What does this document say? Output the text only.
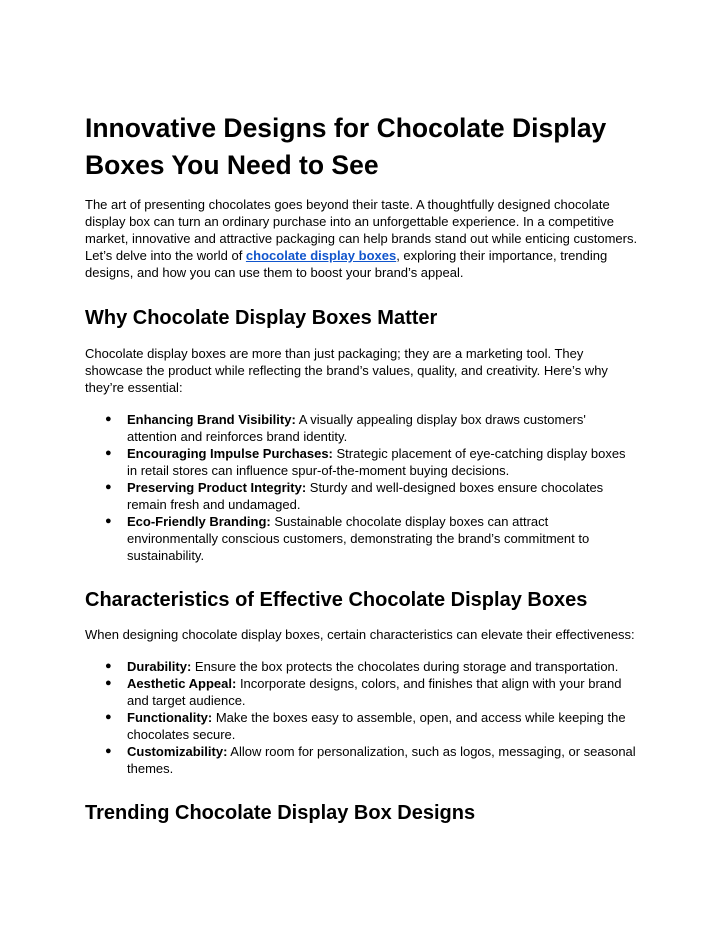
Innovative Designs for Chocolate Display Boxes You Need to See

The art of presenting chocolates goes beyond their taste. A thoughtfully designed chocolate display box can turn an ordinary purchase into an unforgettable experience. In a competitive market, innovative and attractive packaging can help brands stand out while enticing customers. Let’s delve into the world of chocolate display boxes, exploring their importance, trending designs, and how you can use them to boost your brand’s appeal.

Why Chocolate Display Boxes Matter

Chocolate display boxes are more than just packaging; they are a marketing tool. They showcase the product while reflecting the brand’s values, quality, and creativity. Here’s why they’re essential:

● Enhancing Brand Visibility: A visually appealing display box draws customers' attention and reinforces brand identity.
● Encouraging Impulse Purchases: Strategic placement of eye-catching display boxes in retail stores can influence spur-of-the-moment buying decisions.
● Preserving Product Integrity: Sturdy and well-designed boxes ensure chocolates remain fresh and undamaged.
● Eco-Friendly Branding: Sustainable chocolate display boxes can attract environmentally conscious customers, demonstrating the brand’s commitment to sustainability.
Characteristics of Effective Chocolate Display Boxes

When designing chocolate display boxes, certain characteristics can elevate their effectiveness:

● Durability: Ensure the box protects the chocolates during storage and transportation.
● Aesthetic Appeal: Incorporate designs, colors, and finishes that align with your brand and target audience.
● Functionality: Make the boxes easy to assemble, open, and access while keeping the chocolates secure.
● Customizability: Allow room for personalization, such as logos, messaging, or seasonal themes.
Trending Chocolate Display Box Designs
